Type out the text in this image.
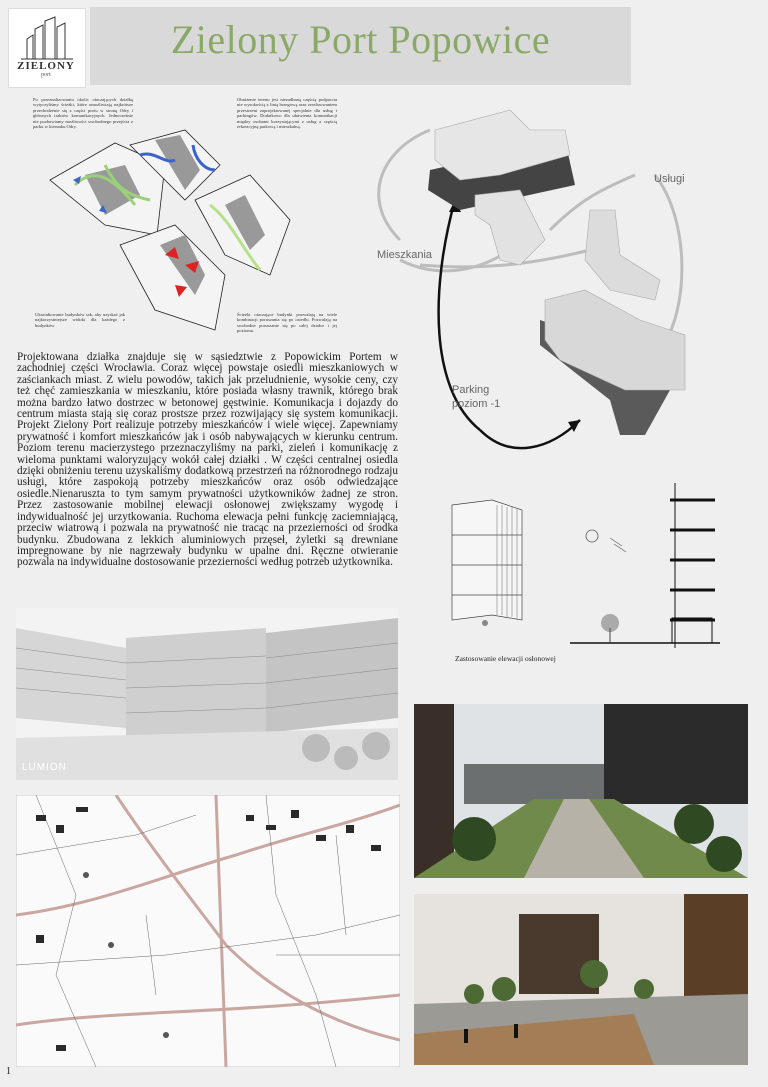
Zielony Port Popowice
ZIELONY
port
Po przeanalizowaniu okolic otaczających działkę wytyczyliśmy ścieżki, które umożliwiają najkrótsze przechodzenie się z części portu w stronę Odry i głównych traktów komunikacyjnych. Jednocześnie nie pozbawiamy możliwości swobodnego przejścia z parku w kierunku Odry.
Obniżenie terenu jest niezadbaną częścią podporcia nie wysokością z linią brzegową oraz zrealizowaniem przestrzeni zaprojektowanej specjalnie dla usług i parkingów. Dodatkowo dla ułatwienia komunikacji między osobami korzystającymi z usług a częścią rekreacyjną parkową i mieszkalną.
Ukształtowanie budynków tak, aby uzyskać jak najkorzystniejsze widoki dla każdego z budynków
Ścieżki otaczające budynki pozwalają na wiele kombinacji poruszania się po osiedlu. Pozwalają na swobodne poruszanie się po całej działce i jej pozioma.
Usługi
Mieszkania
Parking
poziom -1
Projektowana działka znajduje się w sąsiedztwie z Popowickim Portem w zachodniej części Wrocławia. Coraz więcej powstaje osiedli mieszkaniowych w zaściankach miast. Z wielu powodów, takich jak przeludnienie, wysokie ceny, czy też chęć zamieszkania w mieszkaniu, które posiada własny trawnik, którego brak można bardzo łatwo dostrzec w betonowej gęstwinie. Komunikacja i dojazdy do centrum miasta stają się coraz prostsze przez rozwijający się system komunikacji. Projekt Zielony Port realizuje potrzeby mieszkańców i wiele więcej. Zapewniamy prywatność i komfort mieszkańców jak i osób nabywających w kierunku centrum. Poziom terenu macierzystego przeznaczyliśmy na parki, zieleń i komunikację z wieloma punktami waloryzujący wokół całej działki . W części centralnej osiedla dzięki obniżeniu terenu uzyskaliśmy dodatkową przestrzeń na różnorodnego rodzaju usługi, które zaspokoją potrzeby mieszkańców oraz osób odwiedzające osiedle.Nienaruszta to tym samym prywatności użytkowników żadnej ze stron. Przez zastosowanie mobilnej elewacji osłonowej zwiększamy wygodę i indywidualność jej urzytkowania. Ruchoma elewacja pełni funkcję zaciemniającą, przeciw wiatrową i pozwala na prywatność nie tracąc na przezierności od środka budynku. Zbudowana z lekkich aluminiowych przęseł, żyletki są drewniane impregnowane by nie nagrzewały budynku w upalne dni. Ręczne otwieranie pozwala na indywidualne dostosowanie przezierności według potrzeb użytkownika.
Zastosowanie elewacji osłonowej
LUMION
1
